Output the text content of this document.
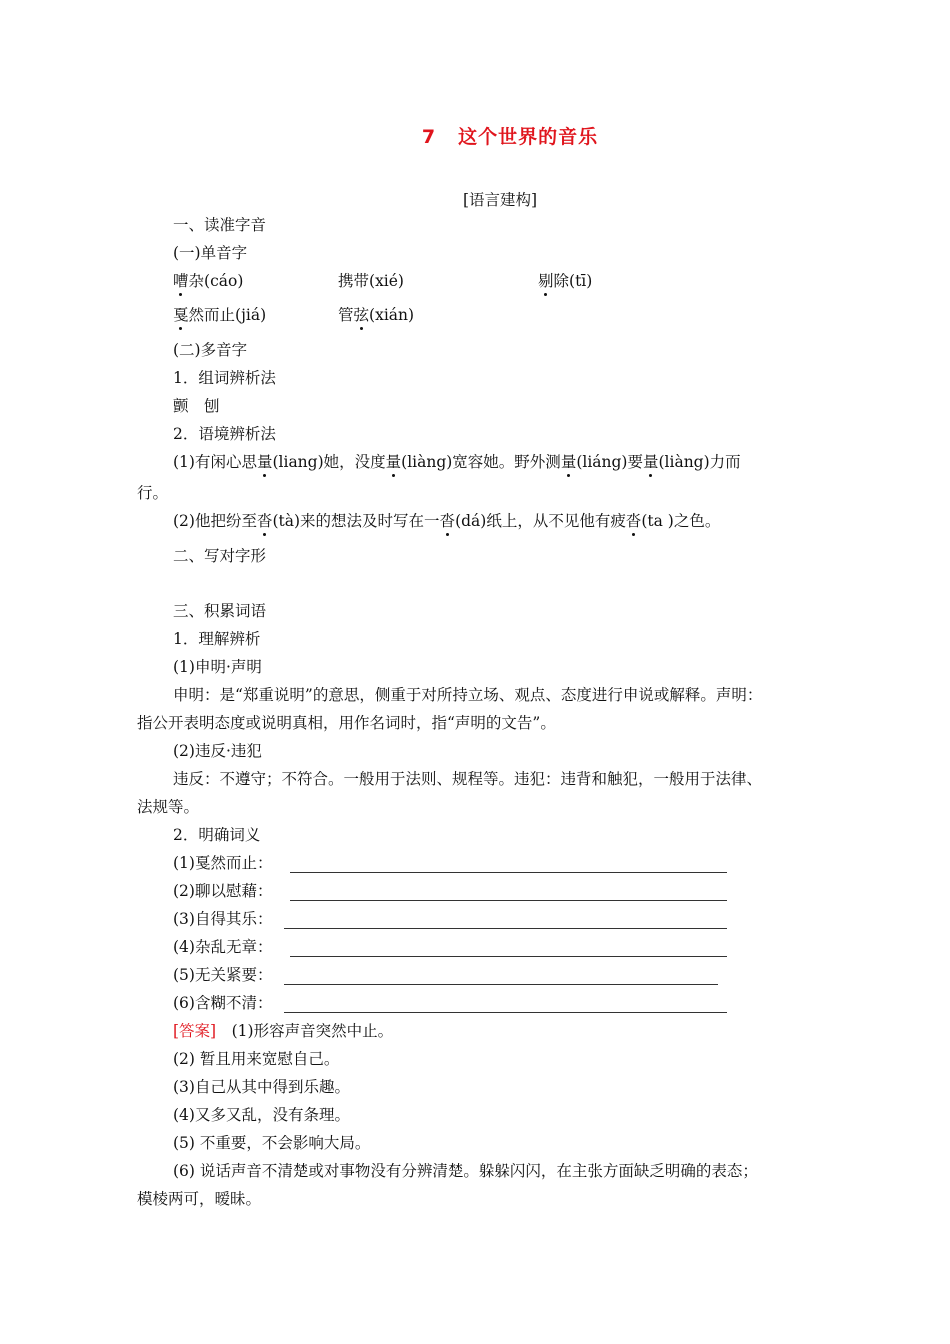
7 这个世界的音乐
[语言建构]
一、读准字音
(一)单音字
嘈杂(cáo)	携带(xié)	剔除(tī)
戛然而止(jiá)	管弦(xián)
(二)多音字
1．组词辨析法
颤　刨
2．语境辨析法
(1)有闲心思量(liang)她，没度量(liàng)宽容她。野外测量(liáng)要量(liàng)力而
行。
(2)他把纷至沓(tà)来的想法及时写在一沓(dá)纸上，从不见他有疲沓(ta )之色。
二、写对字形
三、积累词语
1．理解辨析
(1)申明·声明
申明：是“郑重说明”的意思，侧重于对所持立场、观点、态度进行申说或解释。声明：
指公开表明态度或说明真相，用作名词时，指“声明的文告”。
(2)违反·违犯
违反：不遵守；不符合。一般用于法则、规程等。违犯：违背和触犯，一般用于法律、
法规等。
2．明确词义
(1)戛然而止：
(2)聊以慰藉：
(3)自得其乐：
(4)杂乱无章：
(5)无关紧要：
(6)含糊不清：
[答案]　 (1)形容声音突然中止。
(2) 暂且用来宽慰自己。
(3)自己从其中得到乐趣。
(4)又多又乱，没有条理。
(5) 不重要，不会影响大局。
(6) 说话声音不清楚或对事物没有分辨清楚。躲躲闪闪，在主张方面缺乏明确的表态；
模棱两可，暧昧。
